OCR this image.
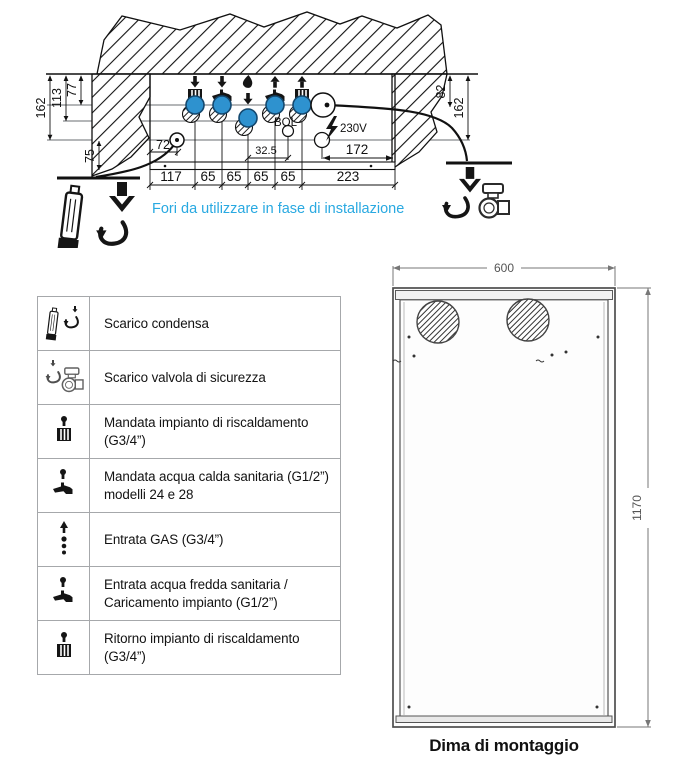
BOL	230V
162 113 77
75
82
162
72	32.5	172
117 65 65 65 65	223
Fori da utilizzare in fase di installazione
Scarico condensa
Scarico valvola di sicurezza
Mandata impianto di riscaldamento (G3/4”)
Mandata acqua calda sanitaria (G1/2”) modelli 24 e 28
Entrata GAS (G3/4”)
Entrata acqua fredda sanitaria / Caricamento impianto (G1/2”)
Ritorno impianto di riscaldamento (G3/4”)
600
1170
Dima di montaggio
